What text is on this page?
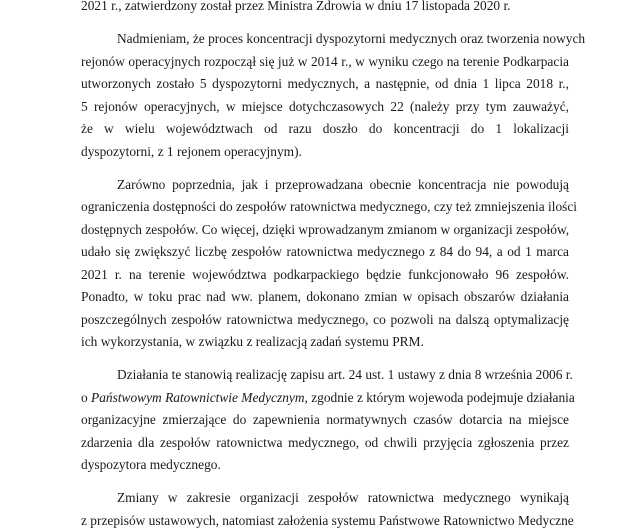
2021 r., zatwierdzony został przez Ministra Zdrowia w dniu 17 listopada 2020 r.
Nadmieniam, że proces koncentracji dyspozytorni medycznych oraz tworzenia nowych
rejonów operacyjnych rozpoczął się już w 2014 r., w wyniku czego na terenie Podkarpacia
utworzonych zostało 5 dyspozytorni medycznych, a następnie, od dnia 1 lipca 2018 r.,
5 rejonów operacyjnych, w miejsce dotychczasowych 22 (należy przy tym zauważyć,
że w wielu województwach od razu doszło do koncentracji do 1 lokalizacji
dyspozytorni, z 1 rejonem operacyjnym).
Zarówno poprzednia, jak i przeprowadzana obecnie koncentracja nie powodują
ograniczenia dostępności do zespołów ratownictwa medycznego, czy też zmniejszenia ilości
dostępnych zespołów. Co więcej, dzięki wprowadzanym zmianom w organizacji zespołów,
udało się zwiększyć liczbę zespołów ratownictwa medycznego z 84 do 94, a od 1 marca
2021 r. na terenie województwa podkarpackiego będzie funkcjonowało 96 zespołów.
Ponadto, w toku prac nad ww. planem, dokonano zmian w opisach obszarów działania
poszczególnych zespołów ratownictwa medycznego, co pozwoli na dalszą optymalizację
ich wykorzystania, w związku z realizacją zadań systemu PRM.
Działania te stanowią realizację zapisu art. 24 ust. 1 ustawy z dnia 8 września 2006 r.
o Państwowym Ratownictwie Medycznym, zgodnie z którym wojewoda podejmuje działania
organizacyjne zmierzające do zapewnienia normatywnych czasów dotarcia na miejsce
zdarzenia dla zespołów ratownictwa medycznego, od chwili przyjęcia zgłoszenia przez
dyspozytora medycznego.
Zmiany w zakresie organizacji zespołów ratownictwa medycznego wynikają
z przepisów ustawowych, natomiast założenia systemu Państwowe Ratownictwo Medyczne
